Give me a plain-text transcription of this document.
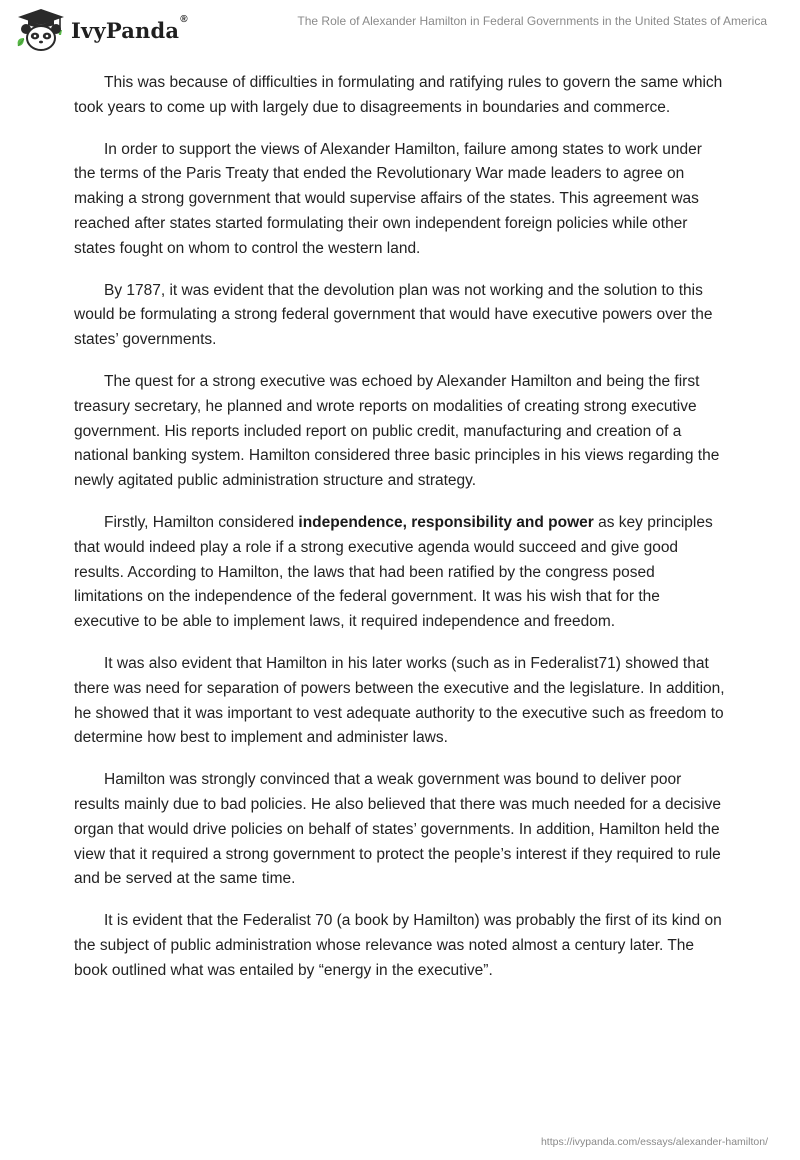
IvyPanda®	The Role of Alexander Hamilton in Federal Governments in the United States of America

This was because of difficulties in formulating and ratifying rules to govern the same which took years to come up with largely due to disagreements in boundaries and commerce.

In order to support the views of Alexander Hamilton, failure among states to work under the terms of the Paris Treaty that ended the Revolutionary War made leaders to agree on making a strong government that would supervise affairs of the states. This agreement was reached after states started formulating their own independent foreign policies while other states fought on whom to control the western land.

By 1787, it was evident that the devolution plan was not working and the solution to this would be formulating a strong federal government that would have executive powers over the states’ governments.

The quest for a strong executive was echoed by Alexander Hamilton and being the first treasury secretary, he planned and wrote reports on modalities of creating strong executive government. His reports included report on public credit, manufacturing and creation of a national banking system. Hamilton considered three basic principles in his views regarding the newly agitated public administration structure and strategy.

Firstly, Hamilton considered independence, responsibility and power as key principles that would indeed play a role if a strong executive agenda would succeed and give good results. According to Hamilton, the laws that had been ratified by the congress posed limitations on the independence of the federal government. It was his wish that for the executive to be able to implement laws, it required independence and freedom.

It was also evident that Hamilton in his later works (such as in Federalist71) showed that there was need for separation of powers between the executive and the legislature. In addition, he showed that it was important to vest adequate authority to the executive such as freedom to determine how best to implement and administer laws.

Hamilton was strongly convinced that a weak government was bound to deliver poor results mainly due to bad policies. He also believed that there was much needed for a decisive organ that would drive policies on behalf of states’ governments. In addition, Hamilton held the view that it required a strong government to protect the people’s interest if they required to rule and be served at the same time.

It is evident that the Federalist 70 (a book by Hamilton) was probably the first of its kind on the subject of public administration whose relevance was noted almost a century later. The book outlined what was entailed by “energy in the executive”.

https://ivypanda.com/essays/alexander-hamilton/
